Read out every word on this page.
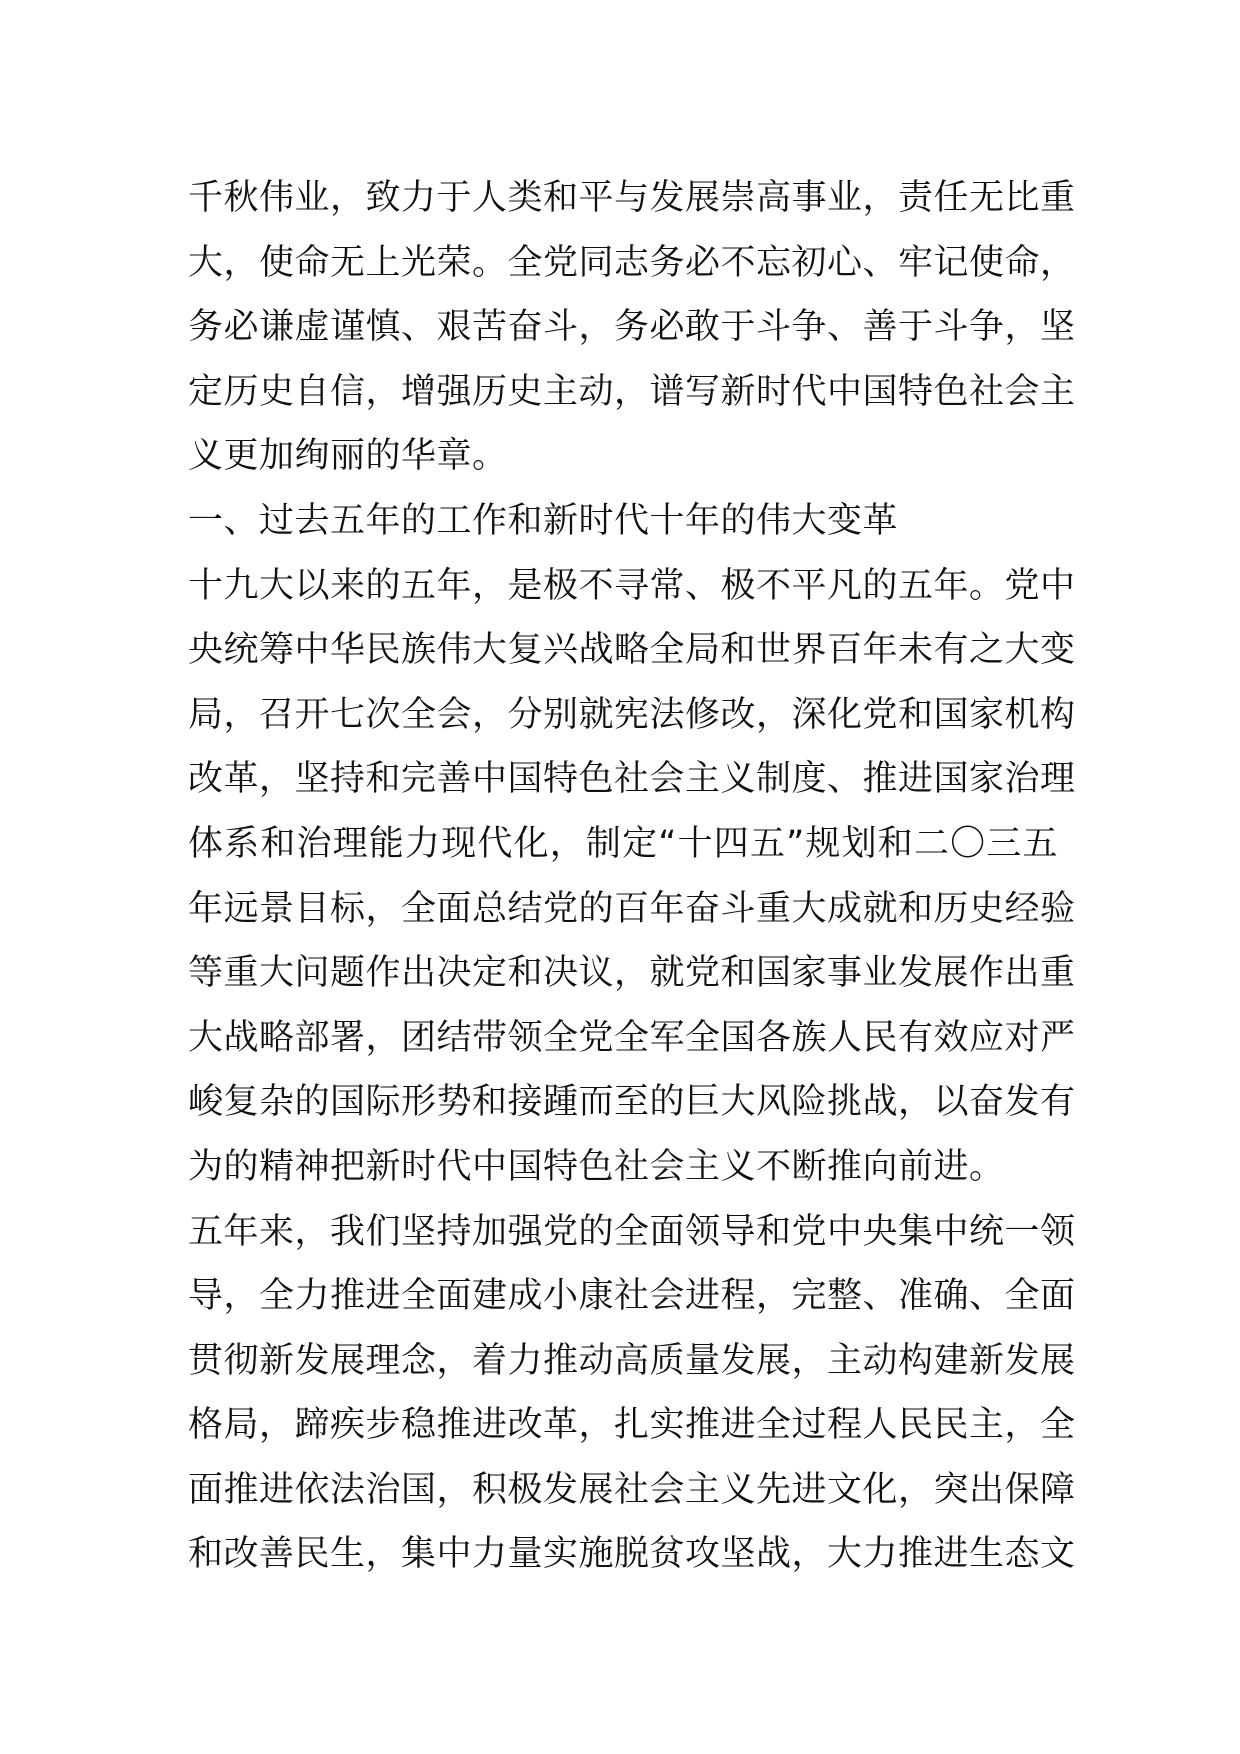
千秋伟业，致力于人类和平与发展崇高事业，责任无比重
大，使命无上光荣。全党同志务必不忘初心、牢记使命，
务必谦虚谨慎、艰苦奋斗，务必敢于斗争、善于斗争，坚
定历史自信，增强历史主动，谱写新时代中国特色社会主
义更加绚丽的华章。
一、过去五年的工作和新时代十年的伟大变革
十九大以来的五年，是极不寻常、极不平凡的五年。党中
央统筹中华民族伟大复兴战略全局和世界百年未有之大变
局，召开七次全会，分别就宪法修改，深化党和国家机构
改革，坚持和完善中国特色社会主义制度、推进国家治理
体系和治理能力现代化，制定“十四五”规划和二〇三五
年远景目标，全面总结党的百年奋斗重大成就和历史经验
等重大问题作出决定和决议，就党和国家事业发展作出重
大战略部署，团结带领全党全军全国各族人民有效应对严
峻复杂的国际形势和接踵而至的巨大风险挑战，以奋发有
为的精神把新时代中国特色社会主义不断推向前进。
五年来，我们坚持加强党的全面领导和党中央集中统一领
导，全力推进全面建成小康社会进程，完整、准确、全面
贯彻新发展理念，着力推动高质量发展，主动构建新发展
格局，蹄疾步稳推进改革，扎实推进全过程人民民主，全
面推进依法治国，积极发展社会主义先进文化，突出保障
和改善民生，集中力量实施脱贫攻坚战，大力推进生态文
